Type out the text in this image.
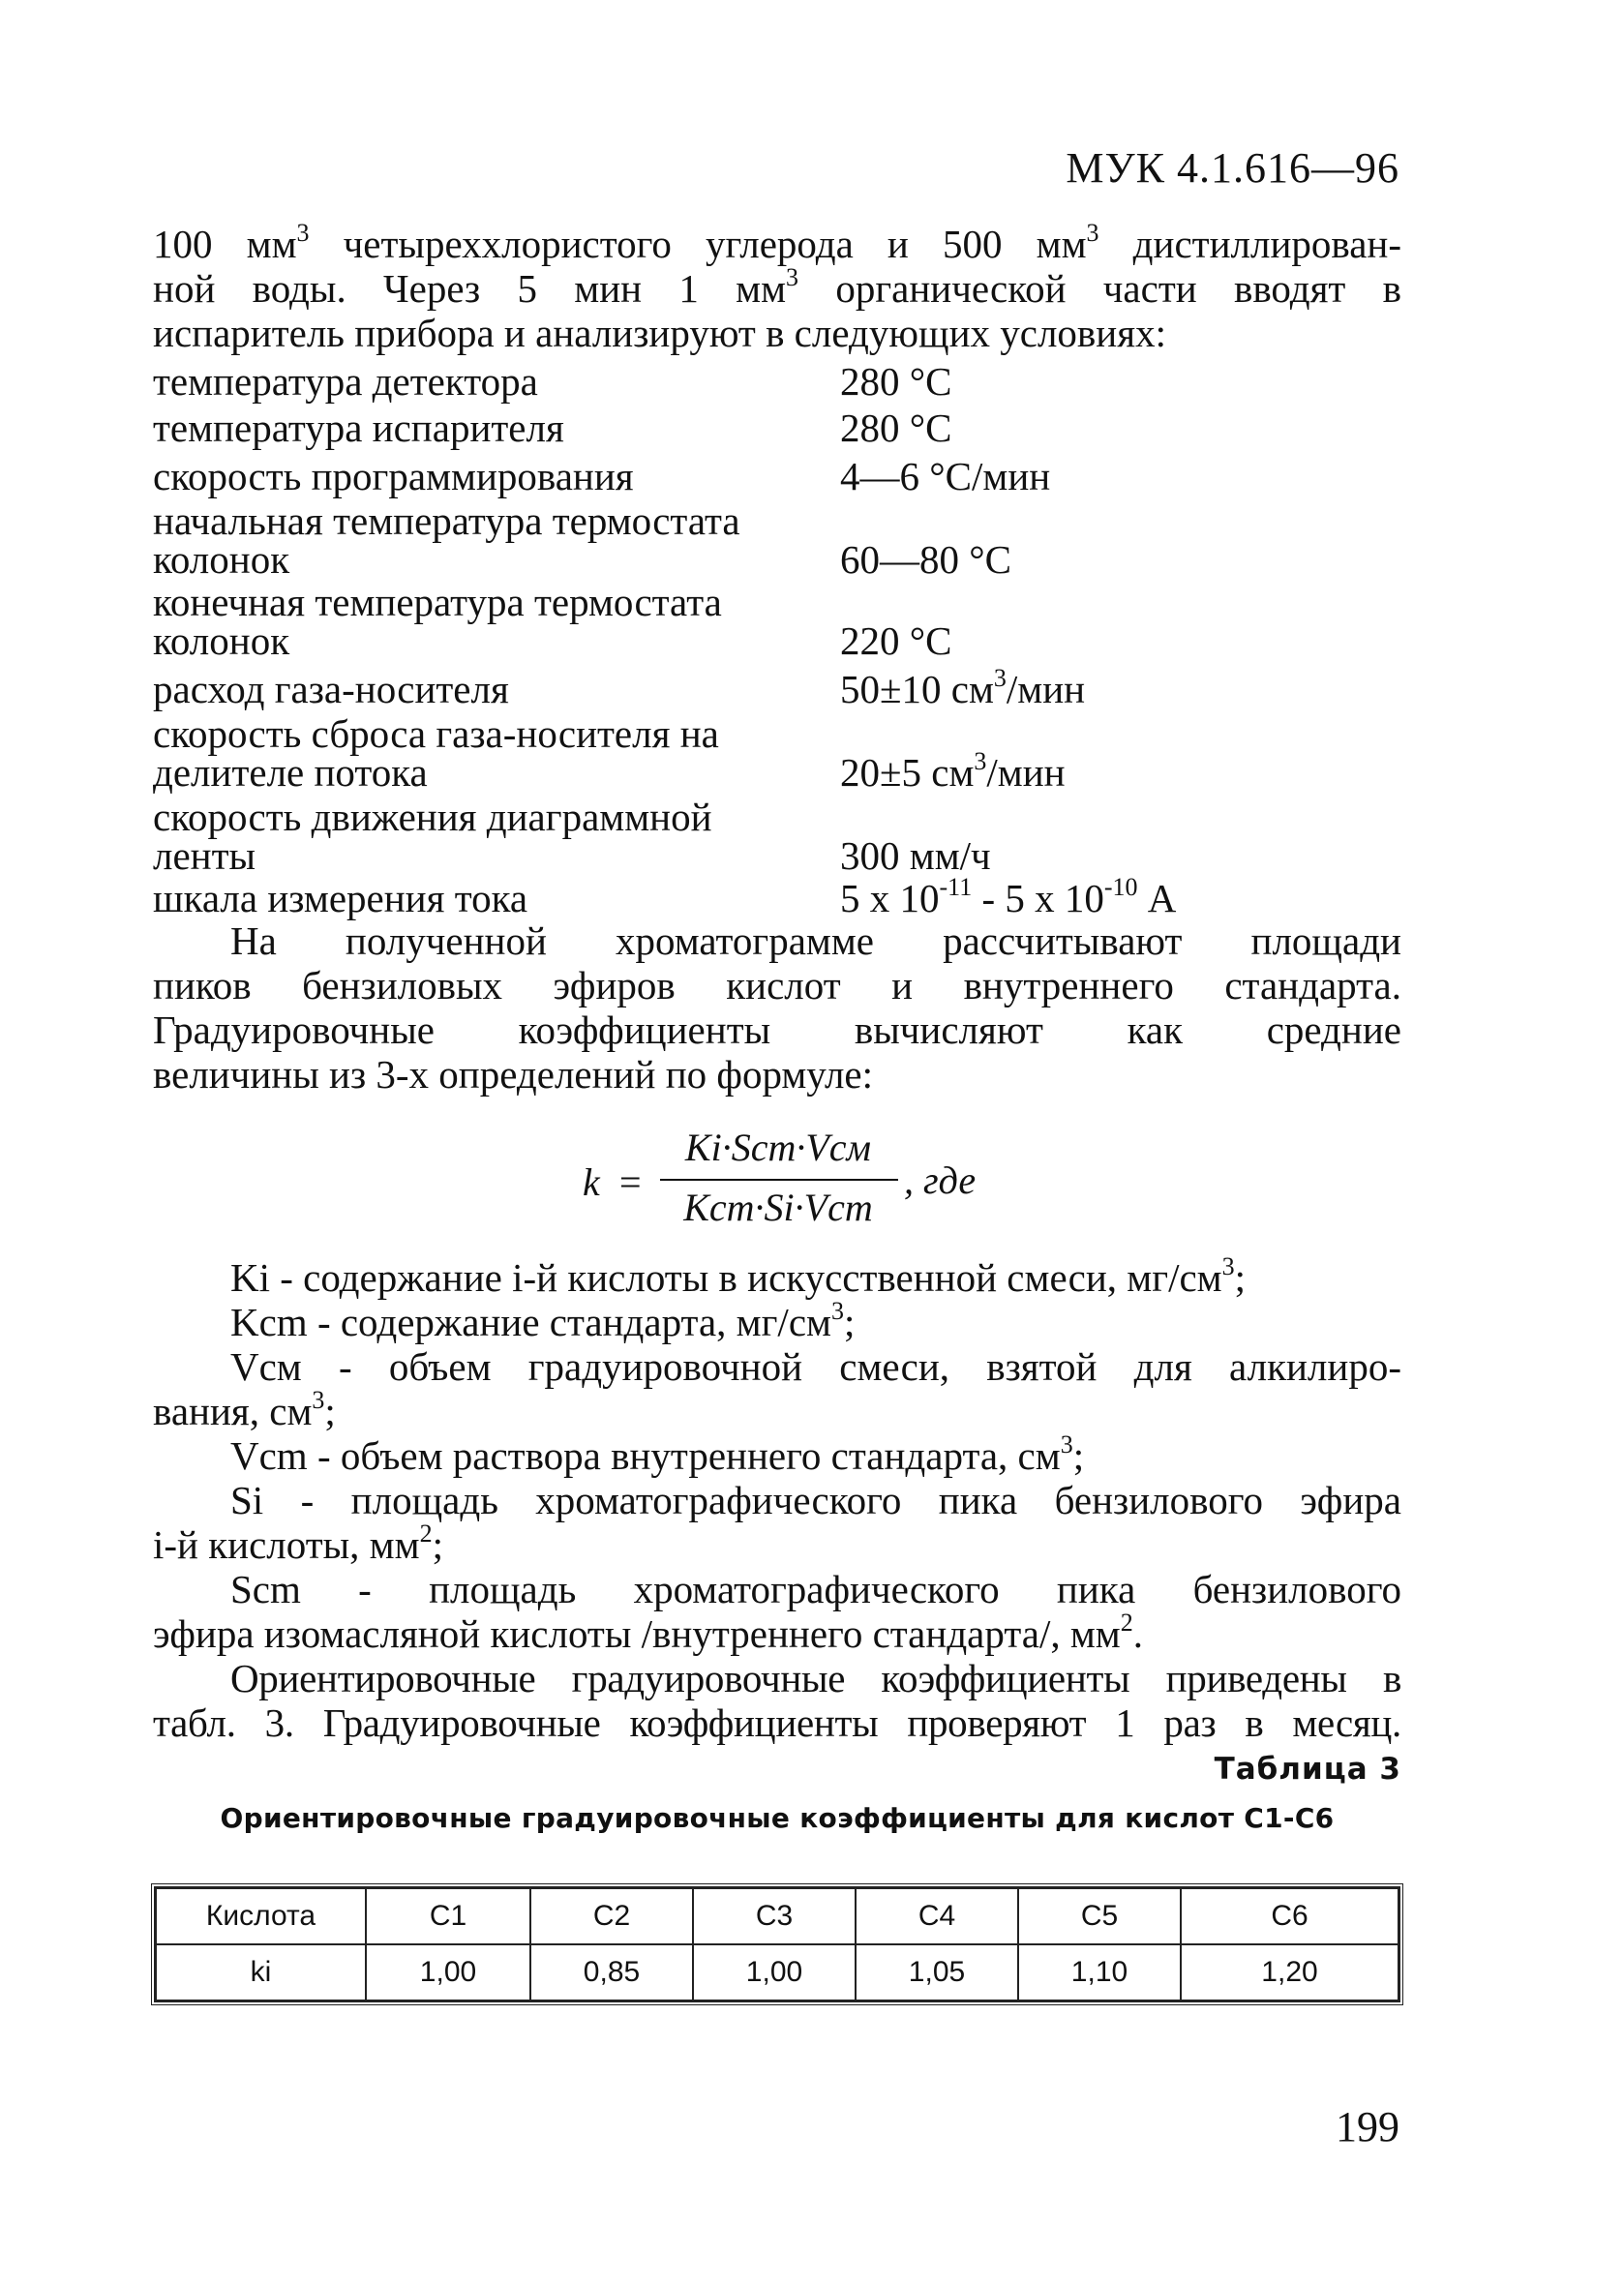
МУК 4.1.616—96
100 $мм^3$ четыреххлористого углерода и 500 $мм^3$ дистиллирован-
ной воды. Через 5 мин 1 $мм^3$ органической части вводят в
испаритель прибора и анализируют в следующих условиях:
температура детектора	280 °С
температура испарителя	280 °С
скорость программирования	4—6 °С/мин
начальная температура термостата
колонок	60—80 °С
конечная температура термостата
колонок	220 °С
расход газа-носителя	50±10 $см^3$/мин
скорость сброса газа-носителя на
делителе потока	20±5 $см^3$/мин
скорость движения диаграммной
ленты	300 мм/ч
шкала измерения тока	5 х $10^{-11} - 5$ х $10^{-10}$ А
На полученной хроматограмме рассчитывают площади
пиков бензиловых эфиров кислот и внутреннего стандарта.
Градуировочные коэффициенты вычисляют как средние
величины из 3-х определений по формуле:
k =
Ki·Scm·Vсм
Kcm·Si·Vcm
, где
Ki - содержание i-й кислоты в искусственной смеси, $мг/см^3$;
Kcm - содержание стандарта, $мг/см^3$;
Vсм - объем градуировочной смеси, взятой для алкилиро-
вания, $см^3$;
Vcm - объем раствора внутреннего стандарта, $см^3$;
Si - площадь хроматографического пика бензилового эфира
i-й кислоты, $мм^2$;
Scm - площадь хроматографического пика бензилового
эфира изомасляной кислоты /внутреннего стандарта/, $мм^2$.
Ориентировочные градуировочные коэффициенты приведены в
табл. 3. Градуировочные коэффициенты проверяют 1 раз в месяц.
Таблица 3
Ориентировочные градуировочные коэффициенты для кислот С1-С6
Кислота	С1	С2	С3	С4	С5	С6
ki	1,00	0,85	1,00	1,05	1,10	1,20
199
